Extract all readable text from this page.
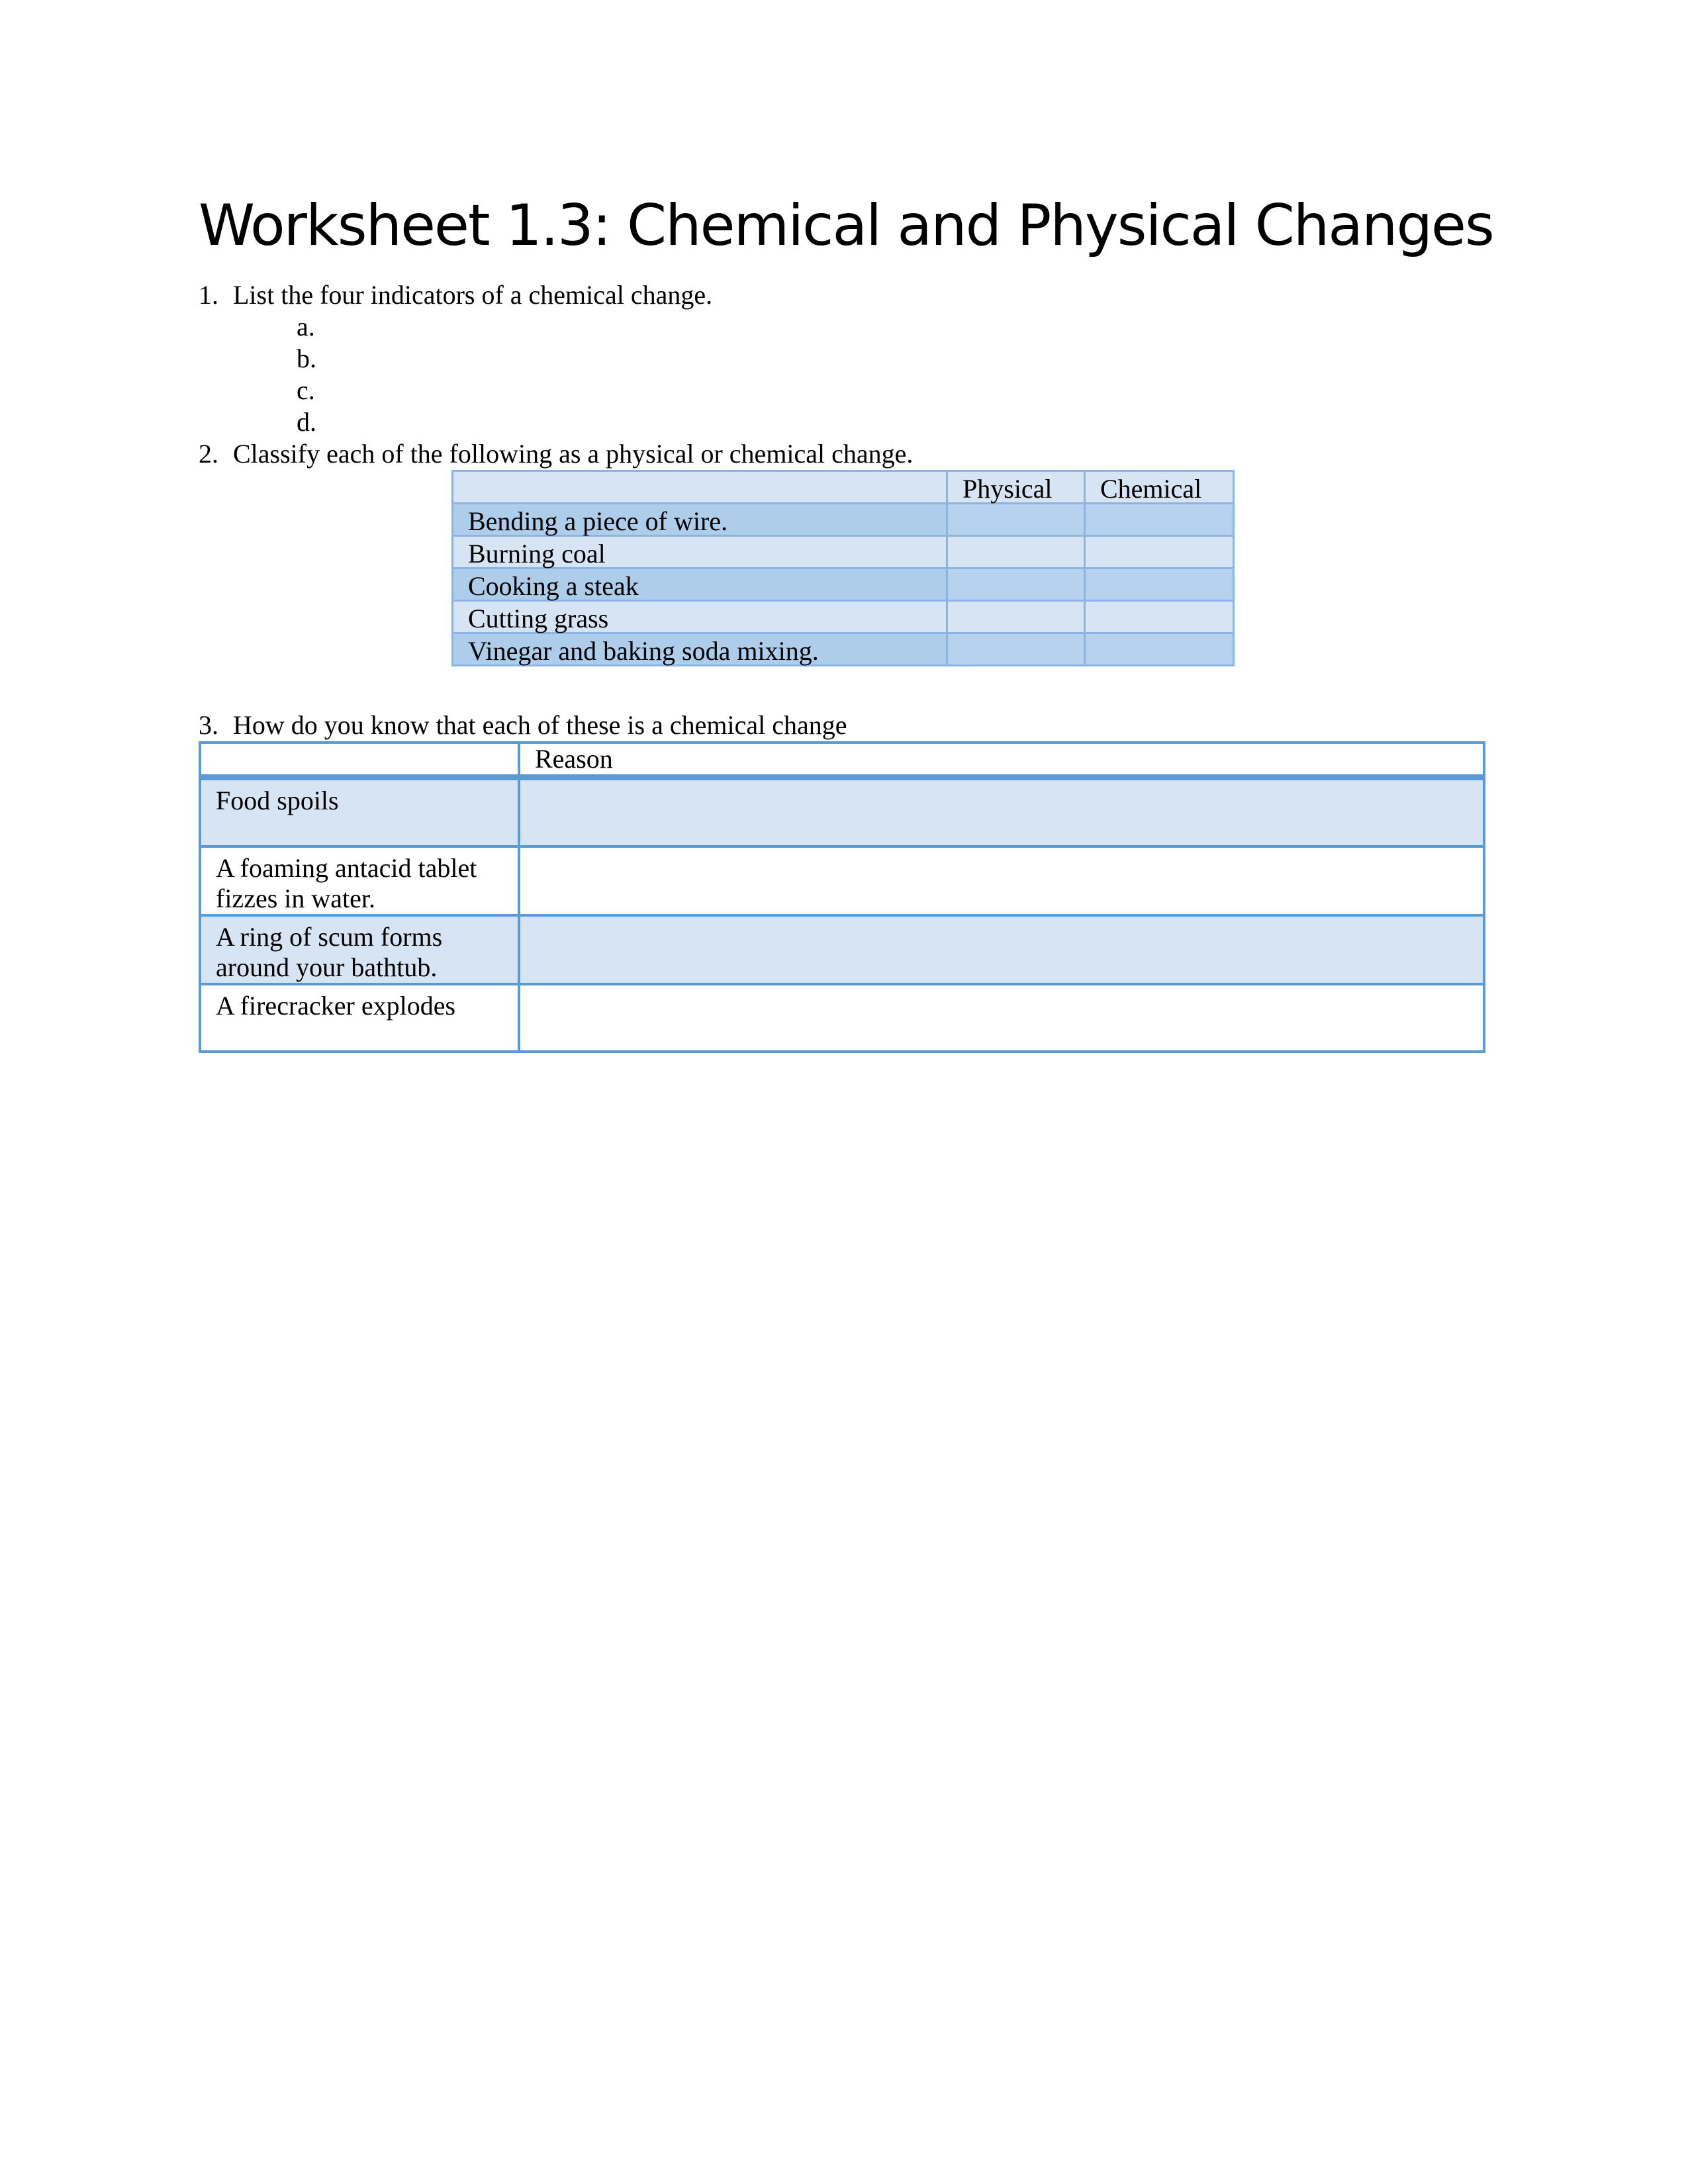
Worksheet 1.3: Chemical and Physical Changes
1. List the four indicators of a chemical change.
a.
b.
c.
d.
2. Classify each of the following as a physical or chemical change.
	Physical	Chemical
Bending a piece of wire.		
Burning coal		
Cooking a steak		
Cutting grass		
Vinegar and baking soda mixing.		
3. How do you know that each of these is a chemical change
	Reason

Food spoils	

A foaming antacid tablet
fizzes in water.	

A ring of scum forms
around your bathtub.	

A firecracker explodes	
